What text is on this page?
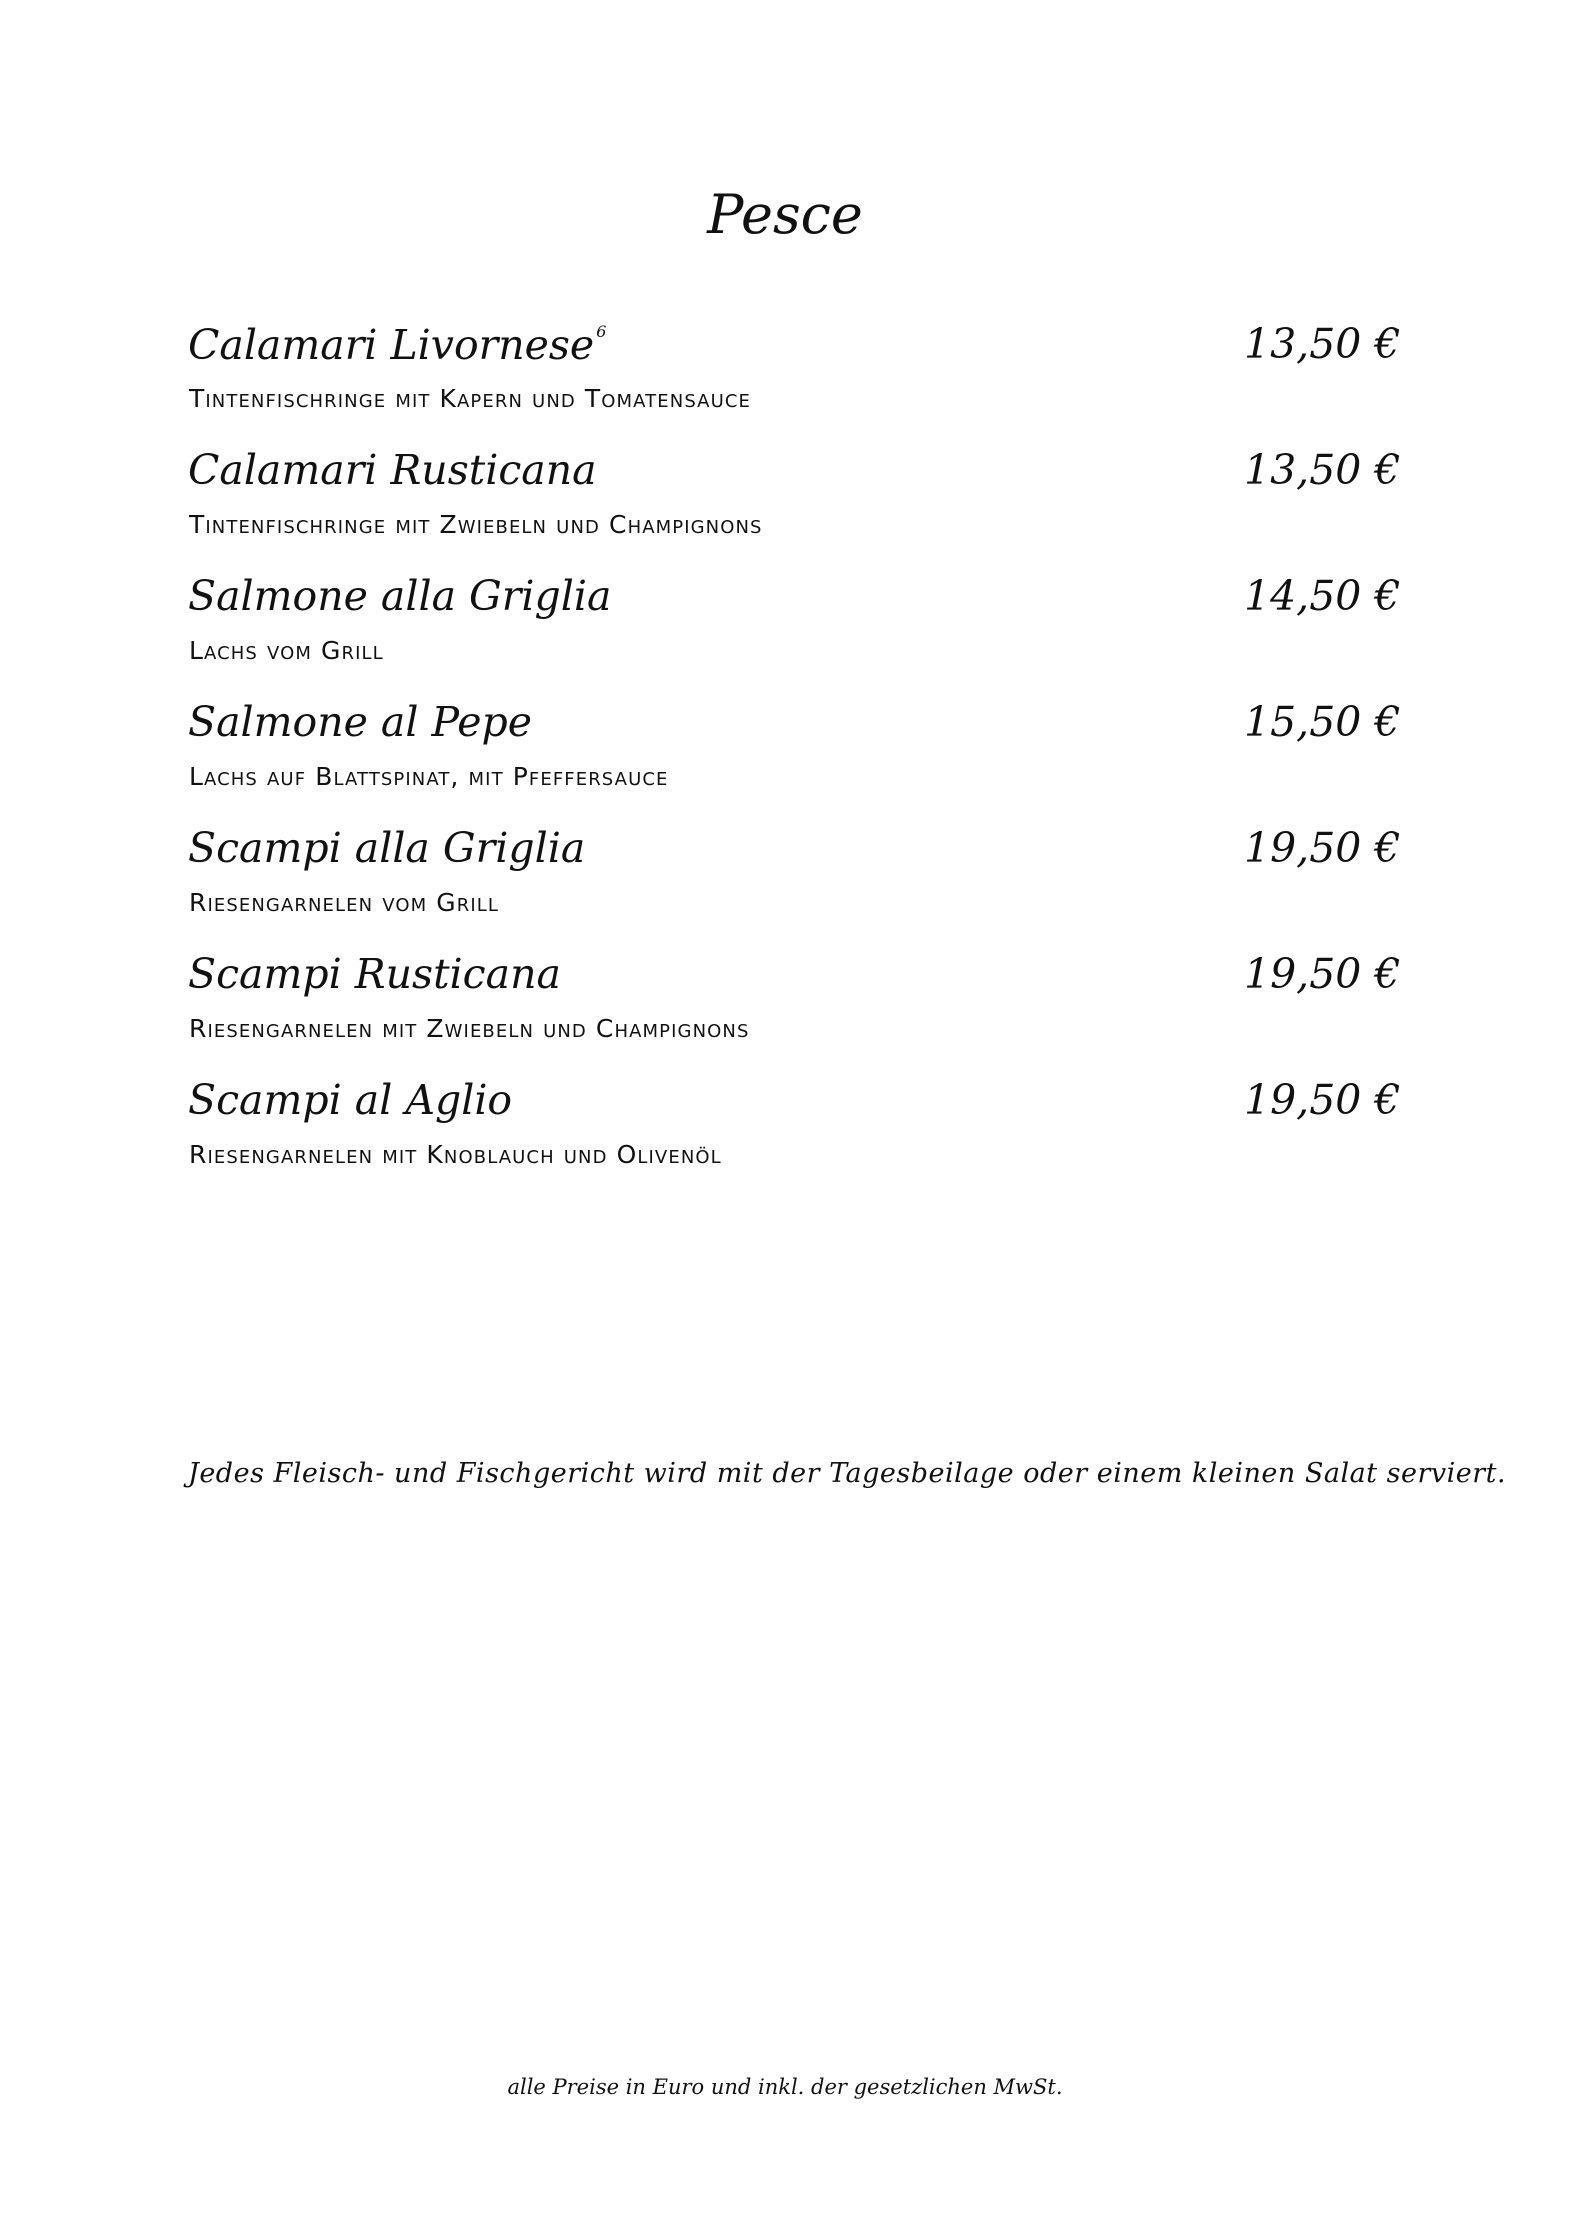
Pesce
Calamari Livornese $^6$	13,50 €
Tintenfischringe mit Kapern und Tomatensauce
Calamari Rusticana	13,50 €
Tintenfischringe mit Zwiebeln und Champignons
Salmone alla Griglia	14,50 €
Lachs vom Grill
Salmone al Pepe	15,50 €
Lachs auf Blattspinat, mit Pfeffersauce
Scampi alla Griglia	19,50 €
Riesengarnelen vom Grill
Scampi Rusticana	19,50 €
Riesengarnelen mit Zwiebeln und Champignons
Scampi al Aglio	19,50 €
Riesengarnelen mit Knoblauch und Olivenöl

Jedes Fleisch- und Fischgericht wird mit der Tagesbeilage oder einem kleinen Salat serviert.

alle Preise in Euro und inkl. der gesetzlichen MwSt.
